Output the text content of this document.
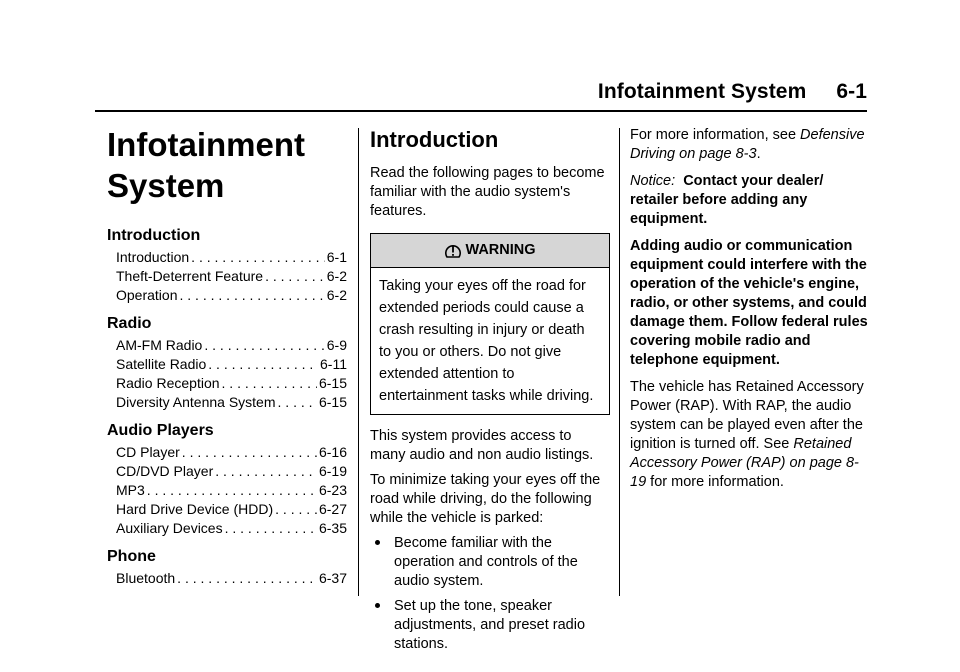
Infotainment System 6-1
Infotainment
System
Introduction
Introduction . . .	6-1
Theft-Deterrent Feature . . .	6-2
Operation . . .	6-2
Radio
AM-FM Radio . . .	6-9
Satellite Radio . . .	6-11
Radio Reception . . .	6-15
Diversity Antenna System . . .	6-15
Audio Players
CD Player . . .	6-16
CD/DVD Player . . .	6-19
MP3 . . .	6-23
Hard Drive Device (HDD) . . .	6-27
Auxiliary Devices . . .	6-35
Phone
Bluetooth . . .	6-37
Introduction

Read the following pages to become familiar with the audio system's features.

WARNING
Taking your eyes off the road for extended periods could cause a crash resulting in injury or death to you or others. Do not give extended attention to entertainment tasks while driving.

This system provides access to many audio and non audio listings.

To minimize taking your eyes off the road while driving, do the following while the vehicle is parked:

Become familiar with the operation and controls of the audio system.
Set up the tone, speaker adjustments, and preset radio stations.

For more information, see Defensive Driving on page 8-3.

Notice: Contact your dealer/ retailer before adding any equipment.

Adding audio or communication equipment could interfere with the operation of the vehicle's engine, radio, or other systems, and could damage them. Follow federal rules covering mobile radio and telephone equipment.

The vehicle has Retained Accessory Power (RAP). With RAP, the audio system can be played even after the ignition is turned off. See Retained Accessory Power (RAP) on page 8-19 for more information.
